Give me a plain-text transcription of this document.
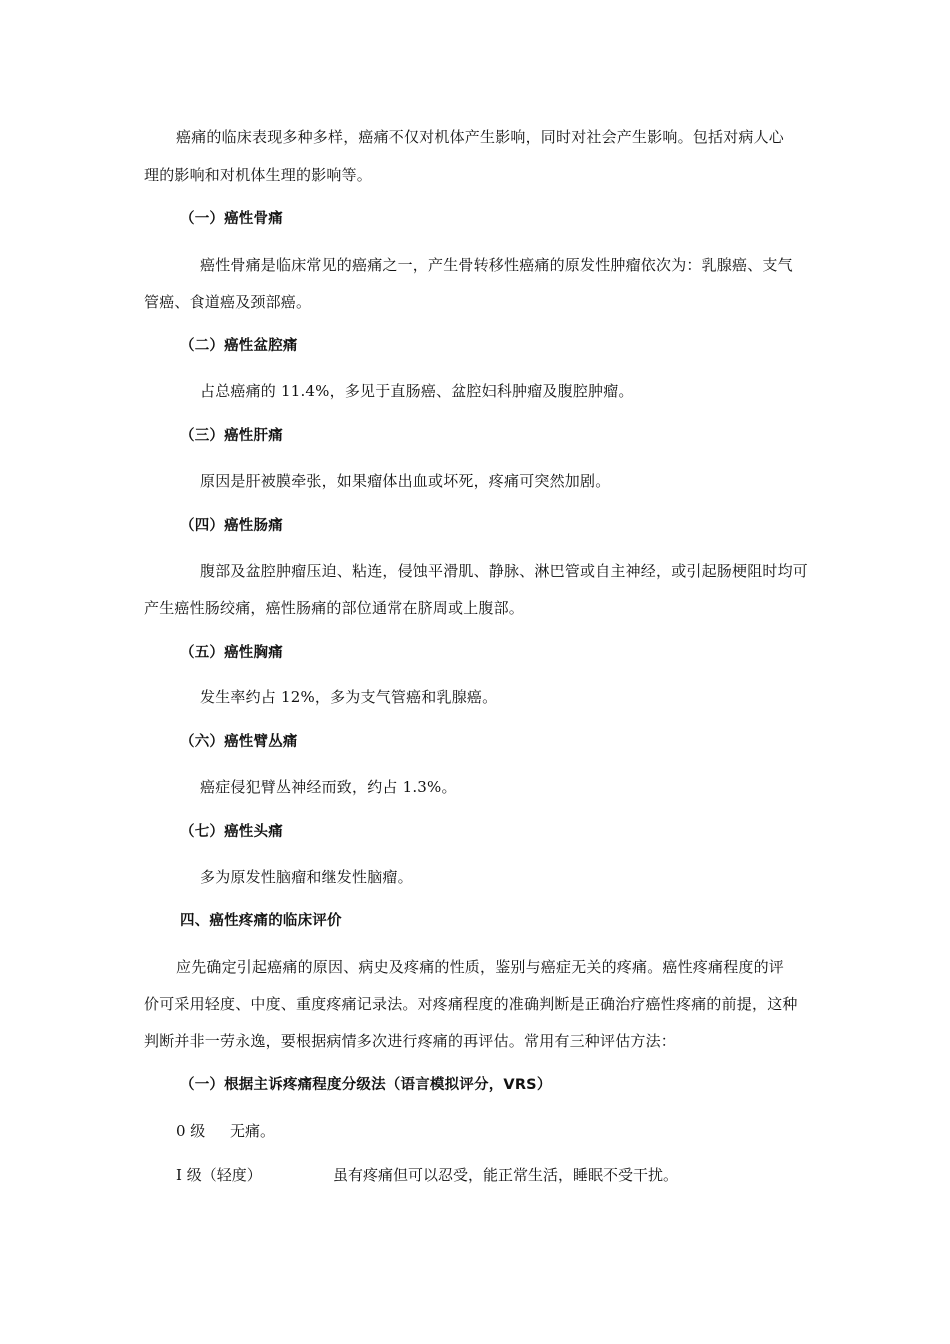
癌痛的临床表现多种多样，癌痛不仅对机体产生影响，同时对社会产生影响。包括对病人心
理的影响和对机体生理的影响等。
（一）癌性骨痛
癌性骨痛是临床常见的癌痛之一，产生骨转移性癌痛的原发性肿瘤依次为：乳腺癌、支气
管癌、食道癌及颈部癌。
（二）癌性盆腔痛
占总癌痛的 11.4%，多见于直肠癌、盆腔妇科肿瘤及腹腔肿瘤。
（三）癌性肝痛
原因是肝被膜牵张，如果瘤体出血或坏死，疼痛可突然加剧。
（四）癌性肠痛
腹部及盆腔肿瘤压迫、粘连，侵蚀平滑肌、静脉、淋巴管或自主神经，或引起肠梗阻时均可
产生癌性肠绞痛，癌性肠痛的部位通常在脐周或上腹部。
（五）癌性胸痛
发生率约占 12%，多为支气管癌和乳腺癌。
（六）癌性臂丛痛
癌症侵犯臂丛神经而致，约占 1.3%。
（七）癌性头痛
多为原发性脑瘤和继发性脑瘤。
四、癌性疼痛的临床评价
应先确定引起癌痛的原因、病史及疼痛的性质，鉴别与癌症无关的疼痛。癌性疼痛程度的评
价可采用轻度、中度、重度疼痛记录法。对疼痛程度的准确判断是正确治疗癌性疼痛的前提，这种
判断并非一劳永逸，要根据病情多次进行疼痛的再评估。常用有三种评估方法：
（一）根据主诉疼痛程度分级法（语言模拟评分，VRS）
0 级 无痛。
Ⅰ 级（轻度）	虽有疼痛但可以忍受，能正常生活，睡眠不受干扰。
